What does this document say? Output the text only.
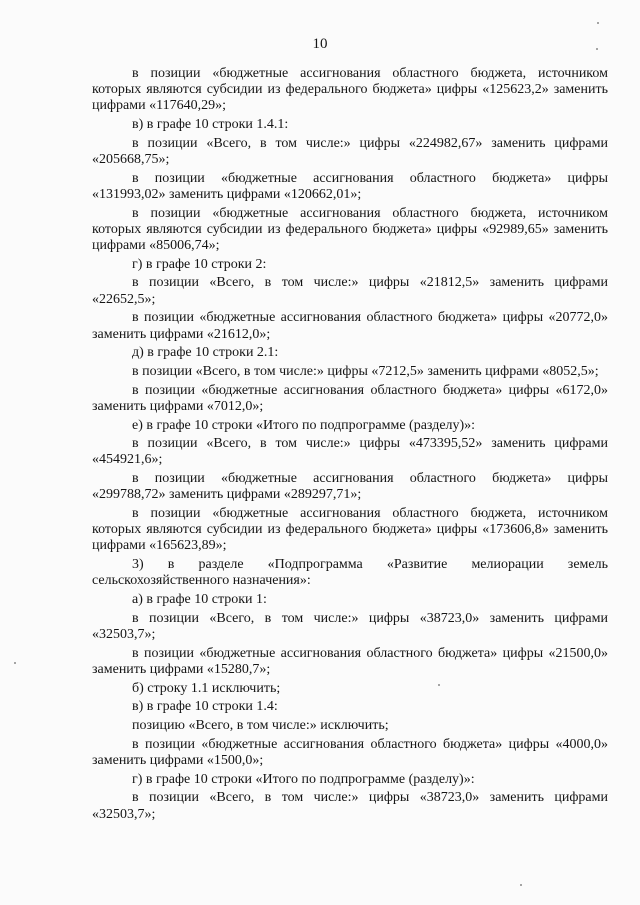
10

в позиции «бюджетные ассигнования областного бюджета, источником которых являются субсидии из федерального бюджета» цифры «125623,2» заменить цифрами «117640,29»;

в) в графе 10 строки 1.4.1:

в позиции «Всего, в том числе:» цифры «224982,67» заменить цифрами «205668,75»;

в позиции «бюджетные ассигнования областного бюджета» цифры «131993,02» заменить цифрами «120662,01»;

в позиции «бюджетные ассигнования областного бюджета, источником которых являются субсидии из федерального бюджета» цифры «92989,65» заменить цифрами «85006,74»;

г) в графе 10 строки 2:

в позиции «Всего, в том числе:» цифры «21812,5» заменить цифрами «22652,5»;

в позиции «бюджетные ассигнования областного бюджета» цифры «20772,0» заменить цифрами «21612,0»;

д) в графе 10 строки 2.1:

в позиции «Всего, в том числе:» цифры «7212,5» заменить цифрами «8052,5»;

в позиции «бюджетные ассигнования областного бюджета» цифры «6172,0» заменить цифрами «7012,0»;

е) в графе 10 строки «Итого по подпрограмме (разделу)»:

в позиции «Всего, в том числе:» цифры «473395,52» заменить цифрами «454921,6»;

в позиции «бюджетные ассигнования областного бюджета» цифры «299788,72» заменить цифрами «289297,71»;

в позиции «бюджетные ассигнования областного бюджета, источником которых являются субсидии из федерального бюджета» цифры «173606,8» заменить цифрами «165623,89»;

3) в разделе «Подпрограмма «Развитие мелиорации земель сельскохозяйственного назначения»:

а) в графе 10 строки 1:

в позиции «Всего, в том числе:» цифры «38723,0» заменить цифрами «32503,7»;

в позиции «бюджетные ассигнования областного бюджета» цифры «21500,0» заменить цифрами «15280,7»;

б) строку 1.1 исключить;

в) в графе 10 строки 1.4:

позицию «Всего, в том числе:» исключить;

в позиции «бюджетные ассигнования областного бюджета» цифры «4000,0» заменить цифрами «1500,0»;

г) в графе 10 строки «Итого по подпрограмме (разделу)»:

в позиции «Всего, в том числе:» цифры «38723,0» заменить цифрами «32503,7»;
